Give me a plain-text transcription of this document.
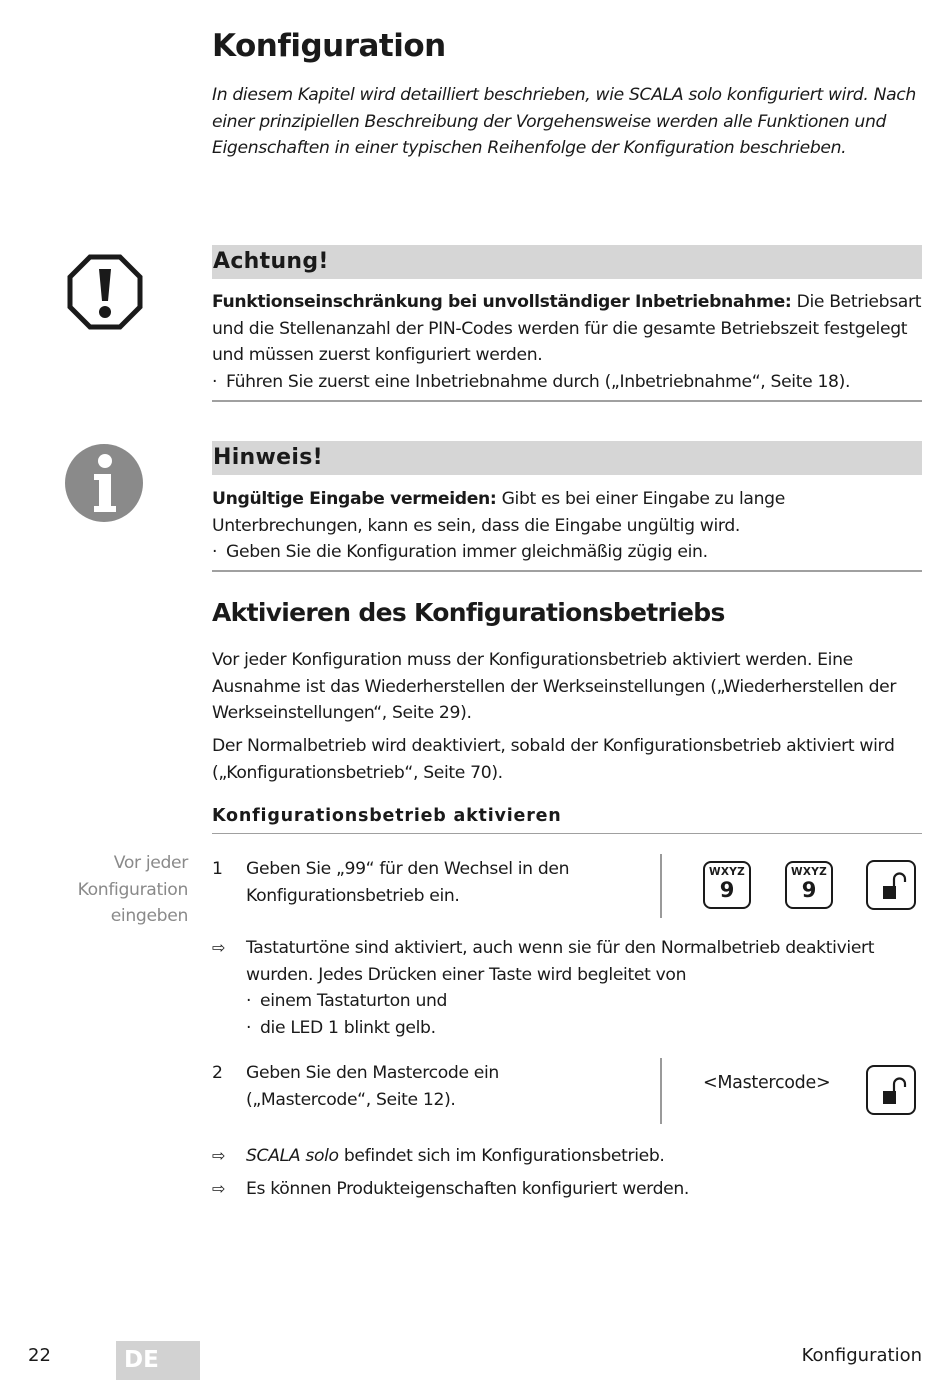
Konfiguration
In diesem Kapitel wird detailliert beschrieben, wie SCALA solo konfiguriert wird. Nach einer prinzipiellen Beschreibung der Vorgehensweise werden alle Funktionen und Eigenschaften in einer typischen Reihenfolge der Konfiguration beschrieben.
Achtung!
Funktionseinschränkung bei unvollständiger Inbetriebnahme: Die Betriebsart und die Stellenanzahl der PIN-Codes werden für die gesamte Betriebszeit festgelegt und müssen zuerst konfiguriert werden.
· Führen Sie zuerst eine Inbetriebnahme durch („Inbetriebnahme“, Seite 18).
Hinweis!
Ungültige Eingabe vermeiden: Gibt es bei einer Eingabe zu lange Unterbrechungen, kann es sein, dass die Eingabe ungültig wird.
· Geben Sie die Konfiguration immer gleichmäßig zügig ein.
Aktivieren des Konfigurationsbetriebs
Vor jeder Konfiguration muss der Konfigurationsbetrieb aktiviert werden. Eine Ausnahme ist das Wiederherstellen der Werkseinstellungen („Wiederherstellen der Werkseinstellungen“, Seite 29).
Der Normalbetrieb wird deaktiviert, sobald der Konfigurationsbetrieb aktiviert wird („Konfigurationsbetrieb“, Seite 70).
Konfigurationsbetrieb aktivieren
Vor jeder Konfiguration eingeben
1 Geben Sie „99“ für den Wechsel in den Konfigurationsbetrieb ein.
WXYZ
9
WXYZ
9
⇨ Tastaturtöne sind aktiviert, auch wenn sie für den Normalbetrieb deaktiviert wurden. Jedes Drücken einer Taste wird begleitet von
· einem Tastaturton und
· die LED 1 blinkt gelb.
2 Geben Sie den Mastercode ein („Mastercode“, Seite 12).
<Mastercode>
⇨ SCALA solo befindet sich im Konfigurationsbetrieb.
⇨ Es können Produkteigenschaften konfiguriert werden.
22	DE	Konfiguration
